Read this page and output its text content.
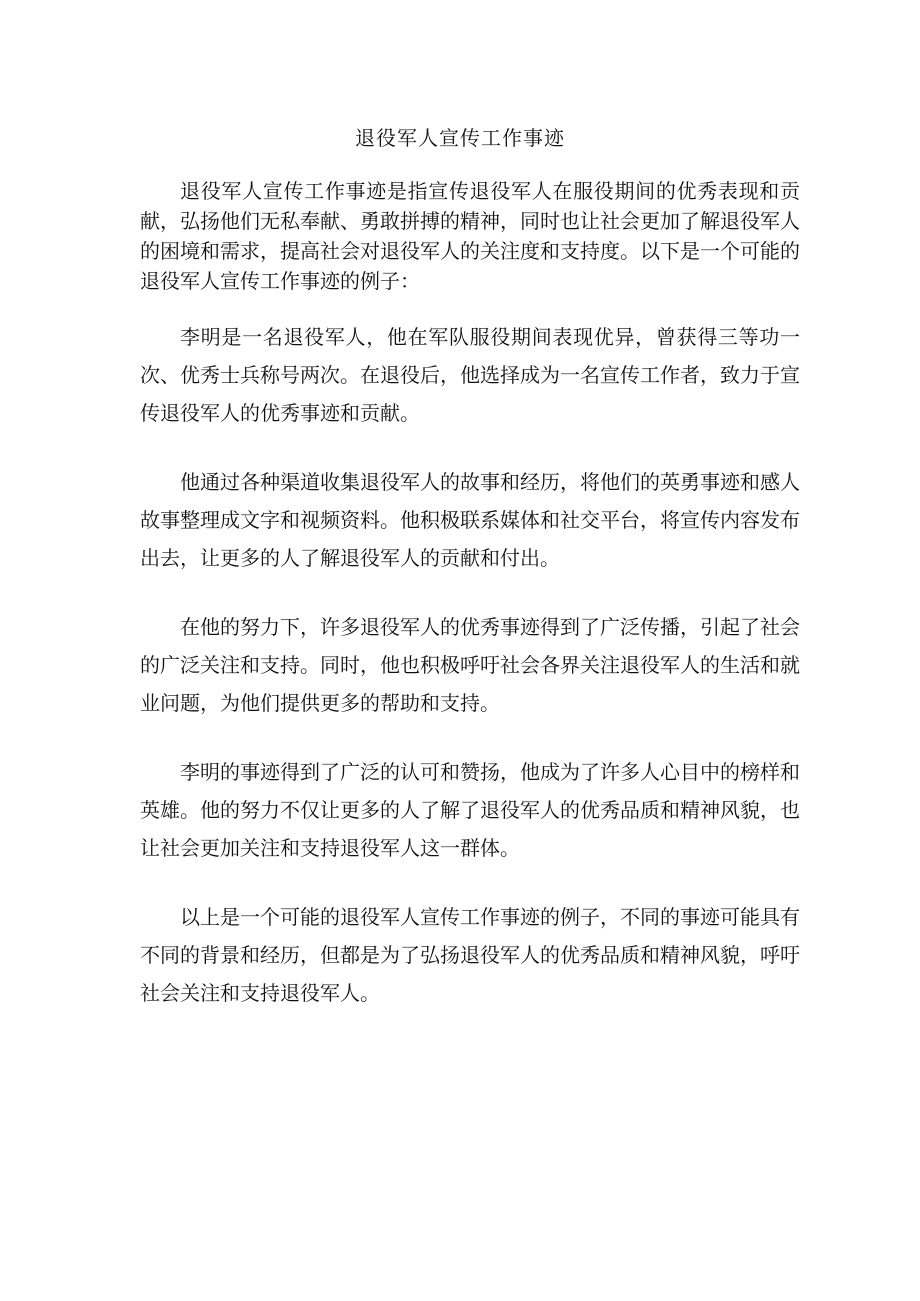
退役军人宣传工作事迹

退役军人宣传工作事迹是指宣传退役军人在服役期间的优秀表现和贡献，弘扬他们无私奉献、勇敢拼搏的精神，同时也让社会更加了解退役军人的困境和需求，提高社会对退役军人的关注度和支持度。以下是一个可能的退役军人宣传工作事迹的例子：

李明是一名退役军人，他在军队服役期间表现优异，曾获得三等功一次、优秀士兵称号两次。在退役后，他选择成为一名宣传工作者，致力于宣传退役军人的优秀事迹和贡献。

他通过各种渠道收集退役军人的故事和经历，将他们的英勇事迹和感人故事整理成文字和视频资料。他积极联系媒体和社交平台，将宣传内容发布出去，让更多的人了解退役军人的贡献和付出。

在他的努力下，许多退役军人的优秀事迹得到了广泛传播，引起了社会的广泛关注和支持。同时，他也积极呼吁社会各界关注退役军人的生活和就业问题，为他们提供更多的帮助和支持。

李明的事迹得到了广泛的认可和赞扬，他成为了许多人心目中的榜样和英雄。他的努力不仅让更多的人了解了退役军人的优秀品质和精神风貌，也让社会更加关注和支持退役军人这一群体。

以上是一个可能的退役军人宣传工作事迹的例子，不同的事迹可能具有不同的背景和经历，但都是为了弘扬退役军人的优秀品质和精神风貌，呼吁社会关注和支持退役军人。
